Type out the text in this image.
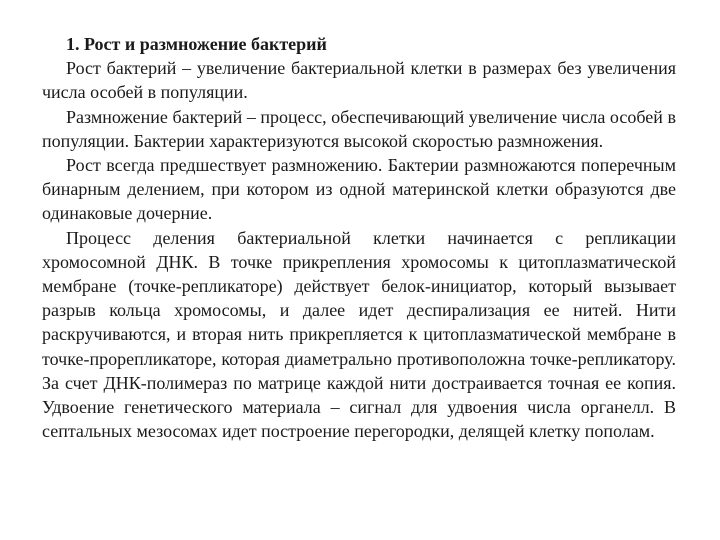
1. Рост и размножение бактерий

Рост бактерий – увеличение бактериальной клетки в размерах без увеличения числа особей в популяции.

Размножение бактерий – процесс, обеспечивающий увеличение числа особей в популяции. Бактерии характеризуются высокой скоростью размножения.

Рост всегда предшествует размножению. Бактерии размножаются поперечным бинарным делением, при котором из одной материнской клетки образуются две одинаковые дочерние.

Процесс деления бактериальной клетки начинается с репликации хромосомной ДНК. В точке прикрепления хромосомы к цитоплазматической мембране (точке-репликаторе) действует белок-инициатор, который вызывает разрыв кольца хромосомы, и далее идет деспирализация ее нитей. Нити раскручиваются, и вторая нить прикрепляется к цитоплазматической мембране в точке-прорепликаторе, которая диаметрально противоположна точке-репликатору. За счет ДНК-полимераз по матрице каждой нити достраивается точная ее копия. Удвоение генетического материала – сигнал для удвоения числа органелл. В септальных мезосомах идет построение перегородки, делящей клетку пополам.
